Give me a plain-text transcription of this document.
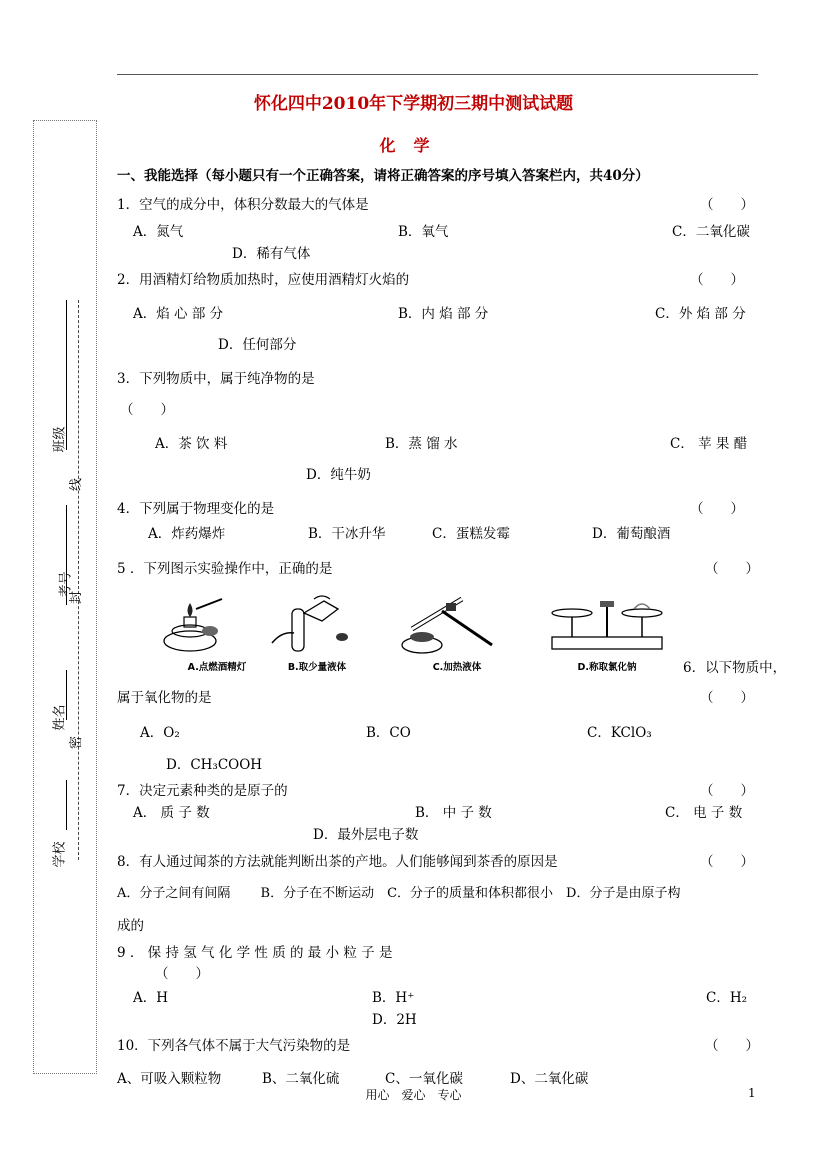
怀化四中2010年下学期初三期中测试试题
化学
班级
考号
姓名
学校
线
封
密
一、我能选择（每小题只有一个正确答案，请将正确答案的序号填入答案栏内，共40分）
1．空气的成分中，体积分数最大的气体是	（　　）
A．氮气	B．氧气	C．二氧化碳
D．稀有气体
2．用酒精灯给物质加热时，应使用酒精灯火焰的	（　　）
A．焰 心 部 分	B．内 焰 部 分	C．外 焰 部 分
D．任何部分
3．下列物质中，属于纯净物的是
（　　）
A．茶 饮 料	B．蒸 馏 水	C． 苹 果 醋
D．纯牛奶
4．下列属于物理变化的是	（　　）
A．炸药爆炸	B．干冰升华	C．蛋糕发霉	D．葡萄酿酒
5 ．下列图示实验操作中，正确的是	（　　）
A.点燃酒精灯	B.取少量液体	C.加热液体	D.称取氯化钠	6．以下物质中，
属于氧化物的是	（　　）
A．O₂	B．CO	C．KClO₃
D．CH₃COOH
7．决定元素种类的是原子的	（　　）
A． 质 子 数	B． 中 子 数	C． 电 子 数
D．最外层电子数
8．有人通过闻茶的方法就能判断出茶的产地。人们能够闻到茶香的原因是	（　　）
A．分子之间有间隔　　 B．分子在不断运动　C．分子的质量和体积都很小　D．分子是由原子构
成的
9 ． 保 持 氢 气 化 学 性 质 的 最 小 粒 子 是
（　　）
A．H	B．H⁺	C．H₂
D．2H
10．下列各气体不属于大气污染物的是	（　　）
A、可吸入颗粒物	B、二氧化硫	C、一氧化碳	D、二氧化碳
用心　爱心　专心	1
